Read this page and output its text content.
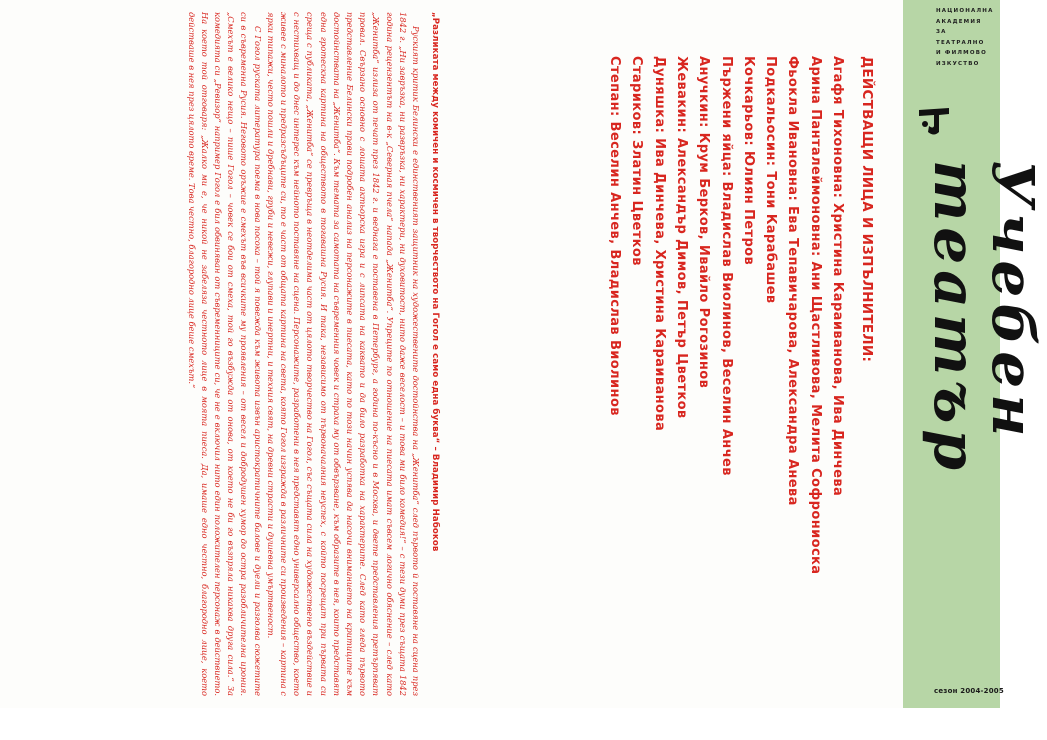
ДЕЙСТВАЩИ ЛИЦА И ИЗПЪЛНИТЕЛИ:
Агафя Тихоновна: Христина Караиванова, Ива Динчева
Арина Панталеймоновна: Ани Щастливова, Мелита Софрониоска
Фьокла Ивановна: Ева Тепавичарова, Александра Анева
Подкальосин: Тони Карабашев
Кочкарьов: Юлиян Петров
Пържени яйца: Владислав Виолинов, Веселин Анчев
Анучкин: Крум Берков, Ивайло Рогозинов
Жевакин: Александър Димов, Петър Цветков
Дуняшка: Ива Динчева, Христина Караиванова
Стариков: Златин Цветков
Степан: Веселин Анчев, Владислав Виолинов
„Разликата между комичен и космичен в творчеството на Гогол е само една буква“ – Владимир Набоков

Руският критик Белински е единственият защитник на художествените достойнства на „Женитба“ след първото й поставяне на сцена през 1842 г. „Ни завръзка, ни развръзка, ни характери, ни духовитост, нито даже веселост – и това ми било комедия!“ – с тези думи през същата 1842 година рецензентът на в-к „Северная пчела“ напада „Женитба“. Упреците по отношение на пиесата имат съвсем логично обяснение – след като „Женитба“ излиза от печат през 1842 г. и веднага е поставена в Петербург, а година по-късно и в Москва, и двете представления претърпяват провал. Свързано основно с лошата актьорска игра и с липсата на каквато и да било разработка на характерите. След като гледа първото представление Белински прави подробен анализ на персонажите в пиесата, като по този начин успява да насочи вниманието на критиците към достойнствата на „Женитба“. Към темата за самотата на съвременния човек и страха му от обвързване, към образите в нея, които представят една гротескна картина на обществото в тогавашна Русия. И така, независимо от първоначалния неуспех, с който посрещат при първата си среща с публиката, „Женитба“ се превръща в неотделима част от цялото творчество на Гогол, със същата сила на художествено въздействие и с нестихващ и до днес интерес към нейното поставяне на сцена. Персонажите, разработени в нея представят едно универсално общество, което живее с миналото и предразсъдъците си, то е част от общата картина на света, която Гогол изгражда в различните си произведения – картина с ярки типажи, често пошли и дребнави, груби и невежи, глупави и инертни, и техния свят, на древни страсти и душевна умъртвеност.

С Гогол руската литература поема в нова посока – той я повежда към живота извън аристократичните балове и дуели и разголва сюжетите си в съвременна Русия. Неговото оръжие е смехът във всичките му проявления – от весел и добродушен хумор до остра разобличителна ирония. „Смехът е велико нещо – пише Гогол – човек се бои от смеха, той го възбужда от онова, от което не би го възпряла никаква друга сила.“ За комедията си „Ревизор“ например Гогол е бил обвиняван от съвременниците си, че не е включил нито един положителен персонаж в действието. На което той отговаря: „Жалко ми е, че никой не забеляза честното лице в моята пиеса. Да, имаше едно честно, благородно лице, което действаше в нея през цялото време. Това честно, благородно лице беше смехът.“

НАЦИОНАЛНА
АКАДЕМИЯ
ЗА ТЕАТРАЛНО
И ФИЛМОВО
ИЗКУСТВО
Учебен театър
сезон 2004-2005
